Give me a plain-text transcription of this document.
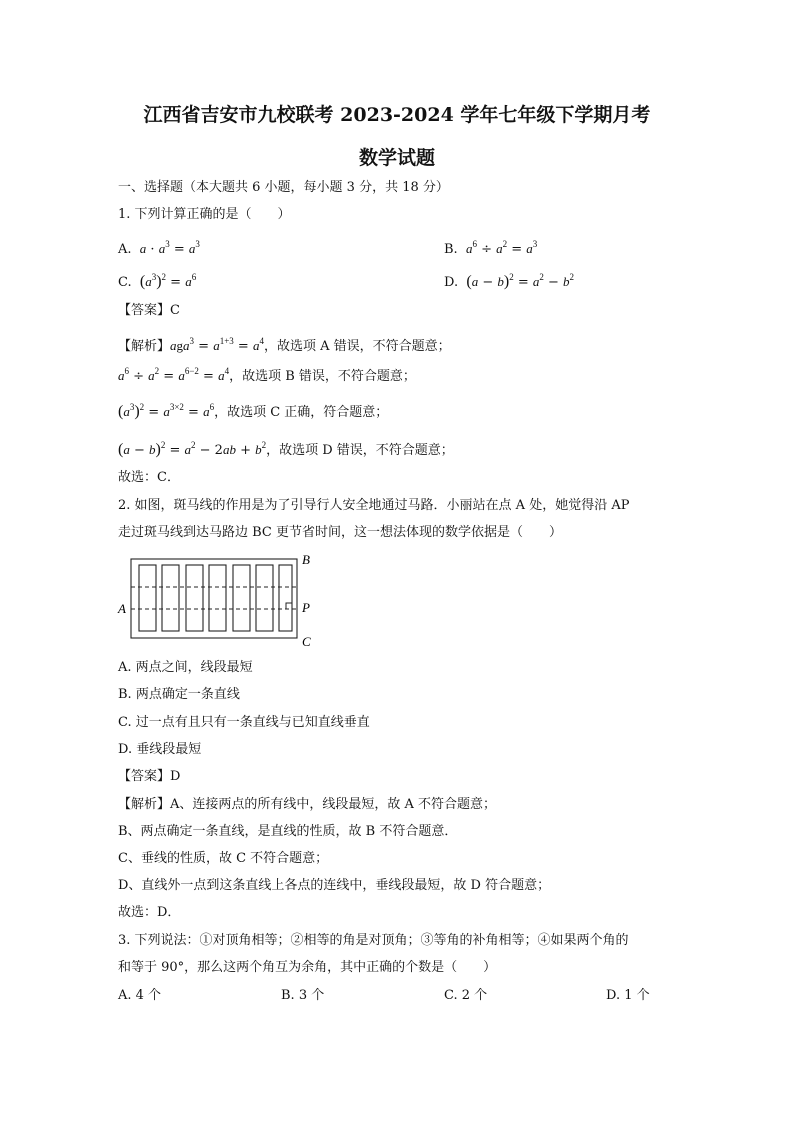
江西省吉安市九校联考 2023-2024 学年七年级下学期月考
数学试题
一、选择题（本大题共 6 小题，每小题 3 分，共 18 分）
1. 下列计算正确的是（　　）
A. $a \cdot a^3 = a^3$	B. $a^6 \div a^2 = a^3$
C. $(a^3)^2 = a^6$	D. $(a - b)^2 = a^2 - b^2$
【答案】C
【解析】$aga^3 = a^{1+3} = a^4$，故选项 A 错误，不符合题意；
$a^6 \div a^2 = a^{6-2} = a^4$，故选项 B 错误，不符合题意；
$(a^3)^2 = a^{3\times 2} = a^6$，故选项 C 正确，符合题意；
$(a - b)^2 = a^2 - 2ab + b^2$，故选项 D 错误，不符合题意；
故选：C．
2. 如图，斑马线的作用是为了引导行人安全地通过马路．小丽站在点 A 处，她觉得沿 AP
走过斑马线到达马路边 BC 更节省时间，这一想法体现的数学依据是（　　）
A
B
P
C
A. 两点之间，线段最短
B. 两点确定一条直线
C. 过一点有且只有一条直线与已知直线垂直
D. 垂线段最短
【答案】D
【解析】A、连接两点的所有线中，线段最短，故 A 不符合题意；
B、两点确定一条直线，是直线的性质，故 B 不符合题意．
C、垂线的性质，故 C 不符合题意；
D、直线外一点到这条直线上各点的连线中，垂线段最短，故 D 符合题意；
故选：D．
3. 下列说法：①对顶角相等；②相等的角是对顶角；③等角的补角相等；④如果两个角的
和等于 90°，那么这两个角互为余角，其中正确的个数是（　　）
A. 4 个	B. 3 个	C. 2 个	D. 1 个
